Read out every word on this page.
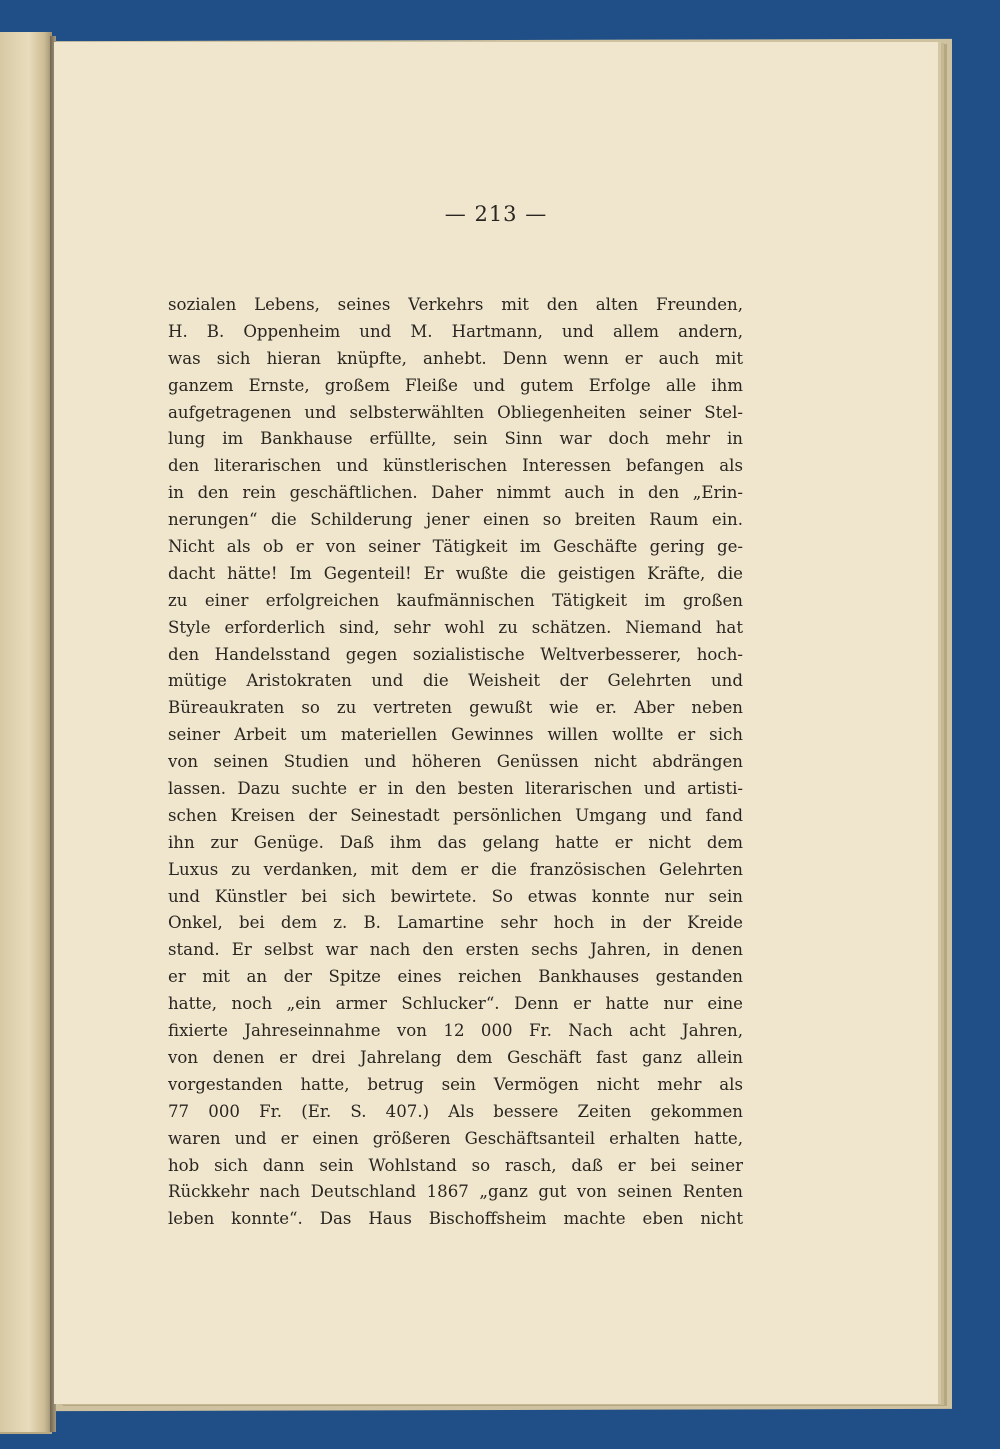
— 213 —
sozialen Lebens, seines Verkehrs mit den alten Freunden,
H. B. Oppenheim und M. Hartmann, und allem andern,
was sich hieran knüpfte, anhebt. Denn wenn er auch mit
ganzem Ernste, großem Fleiße und gutem Erfolge alle ihm
aufgetragenen und selbsterwählten Obliegenheiten seiner Stel-
lung im Bankhause erfüllte, sein Sinn war doch mehr in
den literarischen und künstlerischen Interessen befangen als
in den rein geschäftlichen. Daher nimmt auch in den „Erin-
nerungen“ die Schilderung jener einen so breiten Raum ein.
Nicht als ob er von seiner Tätigkeit im Geschäfte gering ge-
dacht hätte! Im Gegenteil! Er wußte die geistigen Kräfte, die
zu einer erfolgreichen kaufmännischen Tätigkeit im großen
Style erforderlich sind, sehr wohl zu schätzen. Niemand hat
den Handelsstand gegen sozialistische Weltverbesserer, hoch-
mütige Aristokraten und die Weisheit der Gelehrten und
Büreaukraten so zu vertreten gewußt wie er. Aber neben
seiner Arbeit um materiellen Gewinnes willen wollte er sich
von seinen Studien und höheren Genüssen nicht abdrängen
lassen. Dazu suchte er in den besten literarischen und artisti-
schen Kreisen der Seinestadt persönlichen Umgang und fand
ihn zur Genüge. Daß ihm das gelang hatte er nicht dem
Luxus zu verdanken, mit dem er die französischen Gelehrten
und Künstler bei sich bewirtete. So etwas konnte nur sein
Onkel, bei dem z. B. Lamartine sehr hoch in der Kreide
stand. Er selbst war nach den ersten sechs Jahren, in denen
er mit an der Spitze eines reichen Bankhauses gestanden
hatte, noch „ein armer Schlucker“. Denn er hatte nur eine
fixierte Jahreseinnahme von 12 000 Fr. Nach acht Jahren,
von denen er drei Jahrelang dem Geschäft fast ganz allein
vorgestanden hatte, betrug sein Vermögen nicht mehr als
77 000 Fr. (Er. S. 407.) Als bessere Zeiten gekommen
waren und er einen größeren Geschäftsanteil erhalten hatte,
hob sich dann sein Wohlstand so rasch, daß er bei seiner
Rückkehr nach Deutschland 1867 „ganz gut von seinen Renten
leben konnte“. Das Haus Bischoffsheim machte eben nicht
